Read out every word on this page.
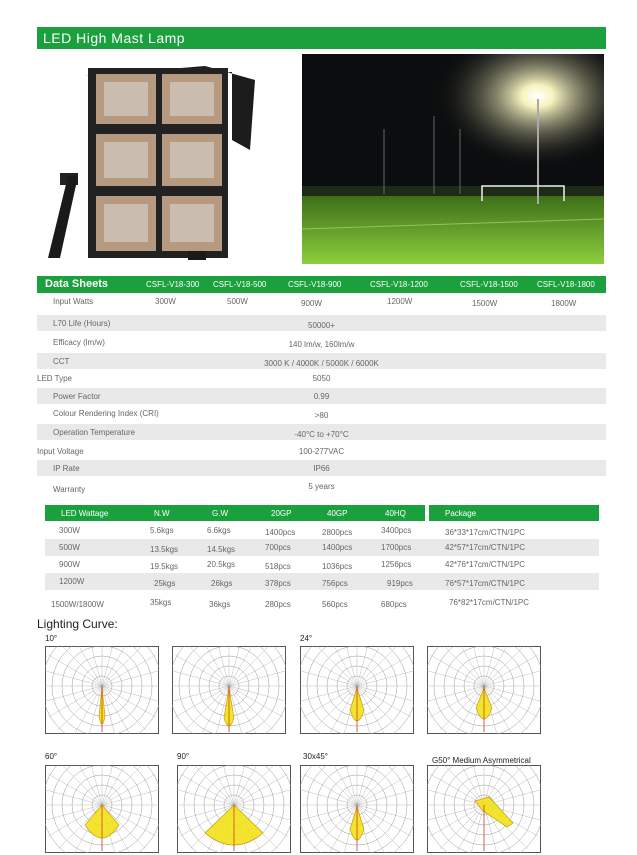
LED High Mast Lamp
Data Sheets	CSFL-V18-300 CSFL-V18-500	CSFL-V18-900	CSFL-V18-1200	CSFL-V18-1500 CSFL-V18-1800
Input Watts	300W	500W	900W	1200W	1500W	1800W
L70 Life (Hours)	50000+
Efficacy (lm/w)	140 lm/w, 160lm/w
CCT	3000 K / 4000K / 5000K / 6000K
LED Type	5050
Power Factor	0.99
Colour Rendering Index (CRI)	>80
Operation Temperature	-40°C to +70°C
Input Voltage	100-277VAC
IP Rate	IP66
Warranty	5 years
LED Wattage	N.W	G.W	20GP	40GP	40HQ	Package
300W	5.6kgs	6.6kgs	1400pcs	2800pcs	3400pcs	36*33*17cm/CTN/1PC
500W	13.5kgs	14.5kgs	700pcs	1400pcs	1700pcs	42*57*17cm/CTN/1PC
900W	19.5kgs	20.5kgs	518pcs	1036pcs	1256pcs	42*76*17cm/CTN/1PC
1200W	25kgs	26kgs	378pcs	756pcs	919pcs	76*57*17cm/CTN/1PC
1500W/1800W	35kgs	36kgs	280pcs	560pcs	680pcs	76*82*17cm/CTN/1PC
Lighting Curve:
10°	24°
60°	90°	30x45°	G50° Medium Asymmetrical
